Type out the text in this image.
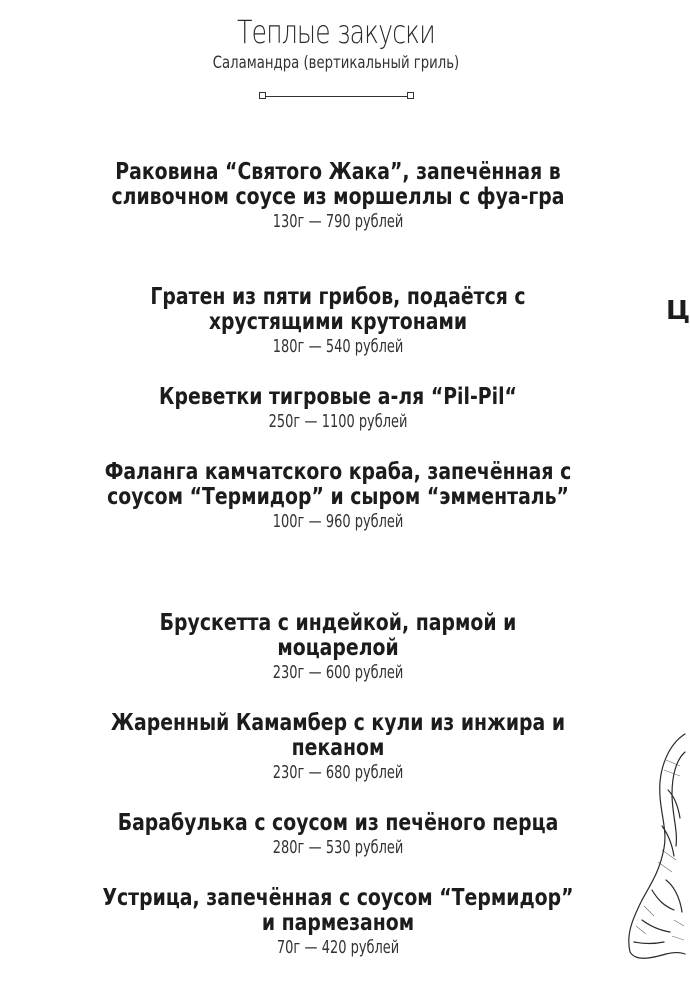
Теплые закуски
Саламандра (вертикальный гриль)
Раковина “Святого Жака”, запечённая в сливочном соусе из моршеллы с фуа-гра
130г — 790 рублей
Гратен из пяти грибов, подаётся с хрустящими крутонами
180г — 540 рублей
Креветки тигровые а-ля “Pil-Pil“
250г — 1100 рублей
Фаланга камчатского краба, запечённая с соусом “Термидор” и сыром “эмменталь”
100г — 960 рублей
Брускетта с индейкой, пармой и моцарелой
230г — 600 рублей
Жаренный Камамбер с кули из инжира и пеканом
230г — 680 рублей
Барабулька с соусом из печёного перца
280г — 530 рублей
Устрица, запечённая с соусом “Термидор” и пармезаном
70г — 420 рублей
Ц
